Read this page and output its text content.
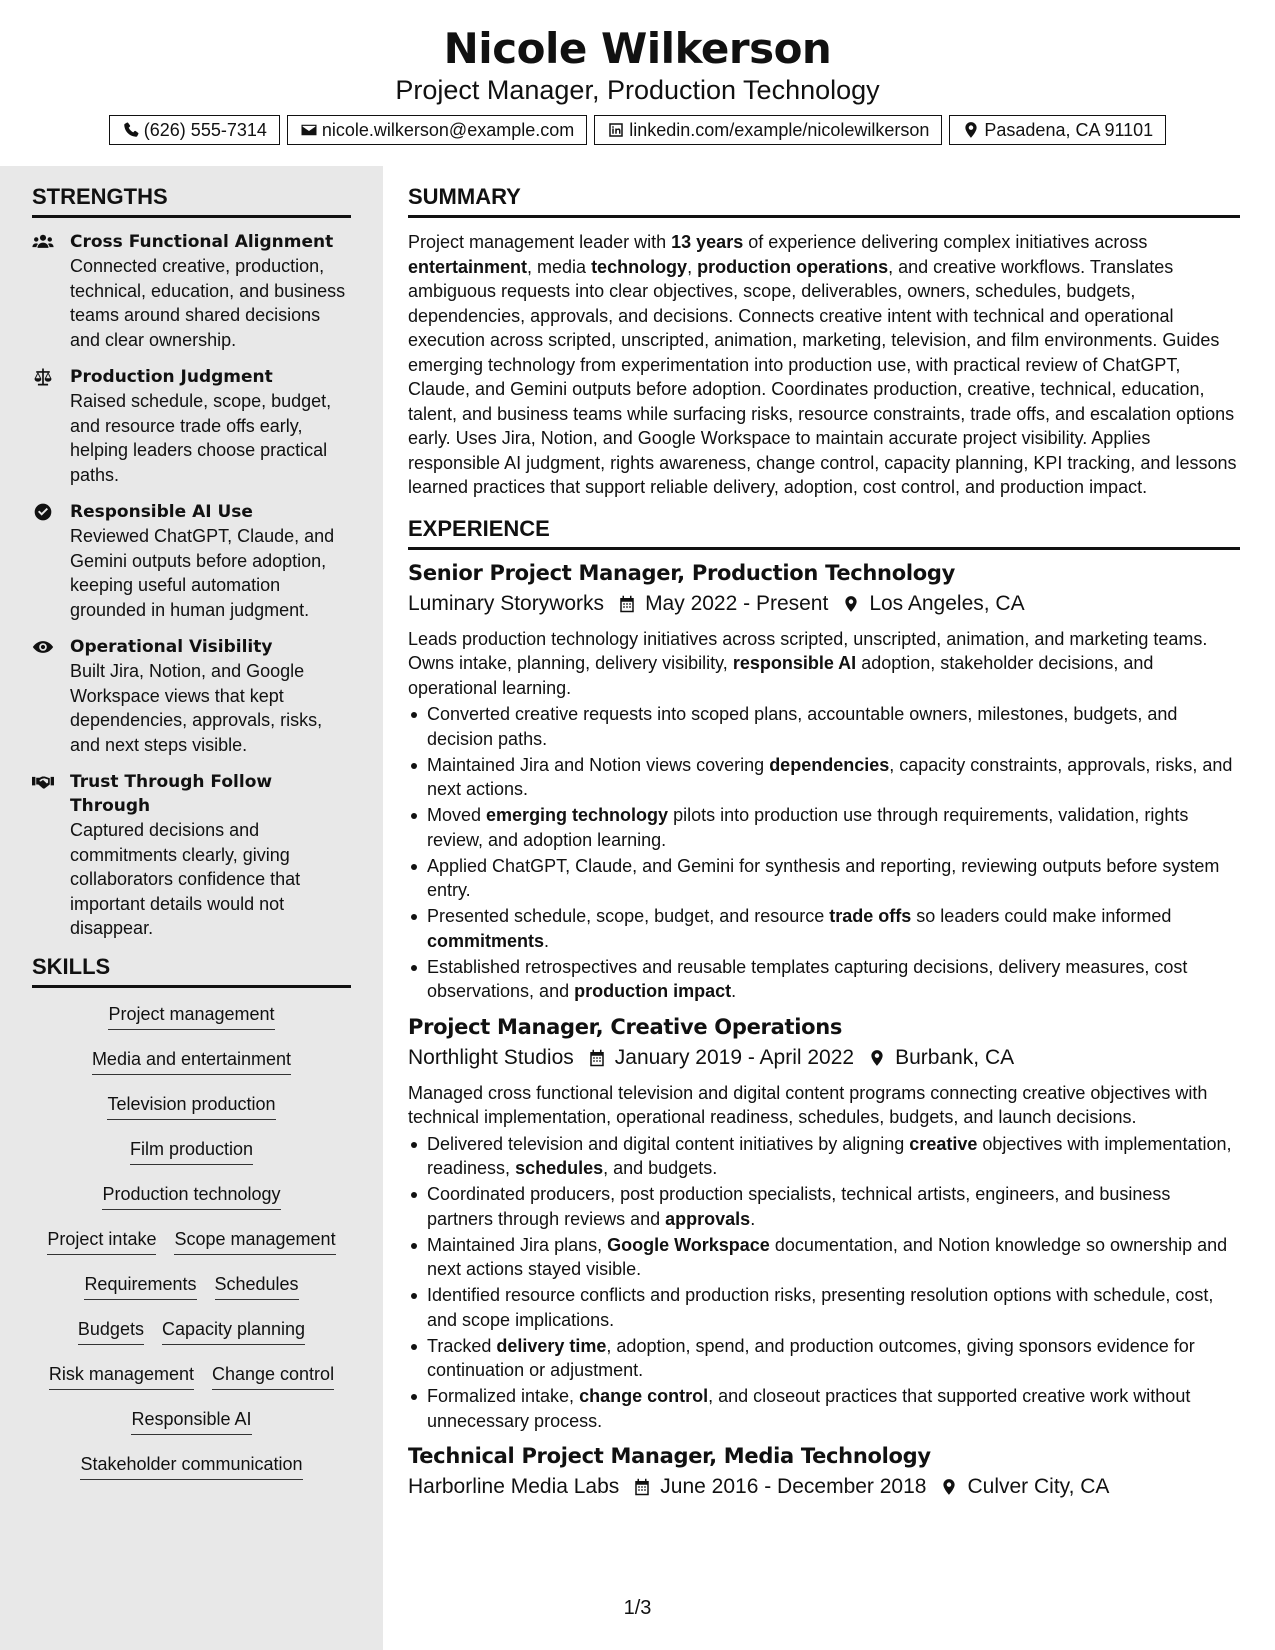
Nicole Wilkerson
Project Manager, Production Technology
(626) 555-7314	nicole.wilkerson@example.com	linkedin.com/example/nicolewilkerson	Pasadena, CA 91101
STRENGTHS
Cross Functional Alignment
Connected creative, production, technical, education, and business teams around shared decisions and clear ownership.
Production Judgment
Raised schedule, scope, budget, and resource trade offs early, helping leaders choose practical paths.
Responsible AI Use
Reviewed ChatGPT, Claude, and Gemini outputs before adoption, keeping useful automation grounded in human judgment.
Operational Visibility
Built Jira, Notion, and Google Workspace views that kept dependencies, approvals, risks, and next steps visible.
Trust Through Follow Through
Captured decisions and commitments clearly, giving collaborators confidence that important details would not disappear.
SKILLS
Project management
Media and entertainment
Television production
Film production
Production technology
Project intake Scope management
Requirements Schedules
Budgets Capacity planning
Risk management Change control
Responsible AI
Stakeholder communication
SUMMARY
Project management leader with 13 years of experience delivering complex initiatives across entertainment, media technology, production operations, and creative workflows. Translates ambiguous requests into clear objectives, scope, deliverables, owners, schedules, budgets, dependencies, approvals, and decisions. Connects creative intent with technical and operational execution across scripted, unscripted, animation, marketing, television, and film environments. Guides emerging technology from experimentation into production use, with practical review of ChatGPT, Claude, and Gemini outputs before adoption. Coordinates production, creative, technical, education, talent, and business teams while surfacing risks, resource constraints, trade offs, and escalation options early. Uses Jira, Notion, and Google Workspace to maintain accurate project visibility. Applies responsible AI judgment, rights awareness, change control, capacity planning, KPI tracking, and lessons learned practices that support reliable delivery, adoption, cost control, and production impact.
EXPERIENCE
Senior Project Manager, Production Technology
Luminary Storyworks May 2022 - Present Los Angeles, CA
Leads production technology initiatives across scripted, unscripted, animation, and marketing teams. Owns intake, planning, delivery visibility, responsible AI adoption, stakeholder decisions, and operational learning.
Converted creative requests into scoped plans, accountable owners, milestones, budgets, and decision paths.
Maintained Jira and Notion views covering dependencies, capacity constraints, approvals, risks, and next actions.
Moved emerging technology pilots into production use through requirements, validation, rights review, and adoption learning.
Applied ChatGPT, Claude, and Gemini for synthesis and reporting, reviewing outputs before system entry.
Presented schedule, scope, budget, and resource trade offs so leaders could make informed commitments.
Established retrospectives and reusable templates capturing decisions, delivery measures, cost observations, and production impact.
Project Manager, Creative Operations
Northlight Studios January 2019 - April 2022 Burbank, CA
Managed cross functional television and digital content programs connecting creative objectives with technical implementation, operational readiness, schedules, budgets, and launch decisions.
Delivered television and digital content initiatives by aligning creative objectives with implementation, readiness, schedules, and budgets.
Coordinated producers, post production specialists, technical artists, engineers, and business partners through reviews and approvals.
Maintained Jira plans, Google Workspace documentation, and Notion knowledge so ownership and next actions stayed visible.
Identified resource conflicts and production risks, presenting resolution options with schedule, cost, and scope implications.
Tracked delivery time, adoption, spend, and production outcomes, giving sponsors evidence for continuation or adjustment.
Formalized intake, change control, and closeout practices that supported creative work without unnecessary process.
Technical Project Manager, Media Technology
Harborline Media Labs June 2016 - December 2018 Culver City, CA
1/3
